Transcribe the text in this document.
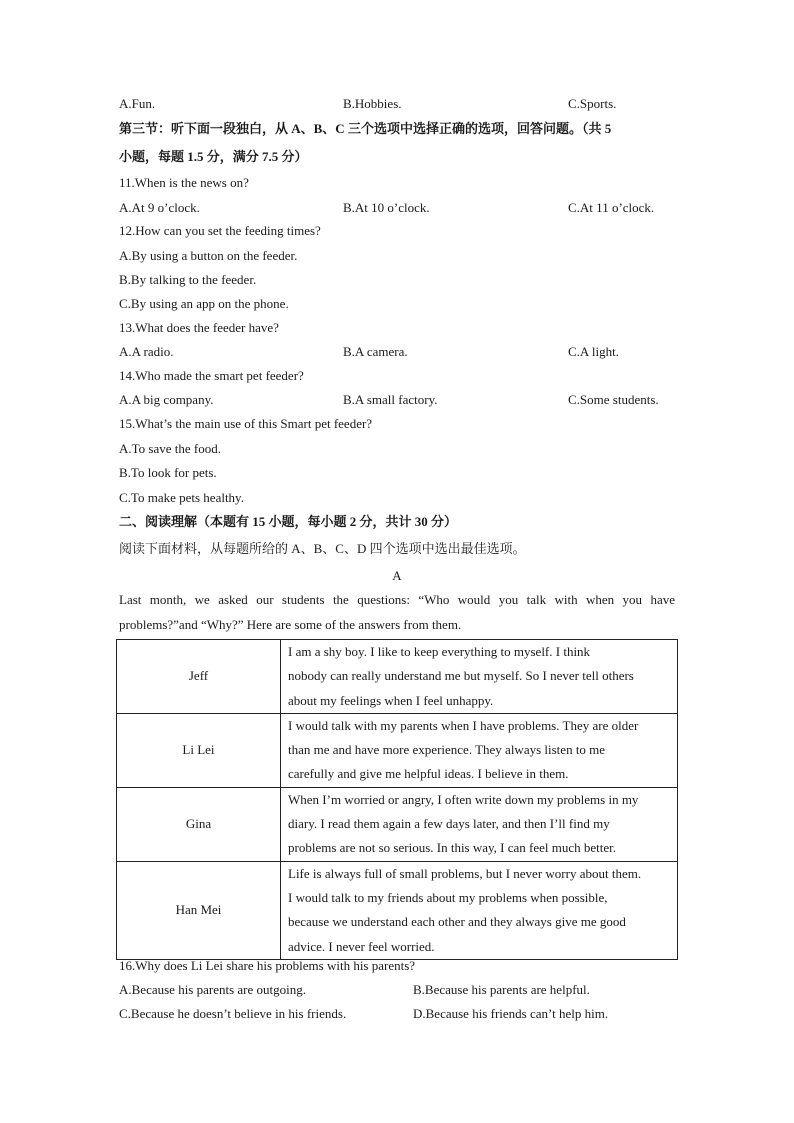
A.Fun.	B.Hobbies.	C.Sports.
第三节：听下面一段独白，从 A、B、C 三个选项中选择正确的选项，回答问题。（共 5
小题，每题 1.5 分，满分 7.5 分）
11.When is the news on?
A.At 9 o’clock.	B.At 10 o’clock.	C.At 11 o’clock.
12.How can you set the feeding times?
A.By using a button on the feeder.
B.By talking to the feeder.
C.By using an app on the phone.
13.What does the feeder have?
A.A radio.	B.A camera.	C.A light.
14.Who made the smart pet feeder?
A.A big company.	B.A small factory.	C.Some students.
15.What’s the main use of this Smart pet feeder?
A.To save the food.
B.To look for pets.
C.To make pets healthy.
二、阅读理解（本题有 15 小题，每小题 2 分，共计 30 分）
阅读下面材料，从每题所给的 A、B、C、D 四个选项中选出最佳选项。
A
Last month, we asked our students the questions: “Who would you talk with when you have
problems?”and “Why?” Here are some of the answers from them.
Jeff	I am a shy boy. I like to keep everything to myself. I think
nobody can really understand me but myself. So I never tell others
about my feelings when I feel unhappy.

Li Lei	I would talk with my parents when I have problems. They are older
than me and have more experience. They always listen to me
carefully and give me helpful ideas. I believe in them.

Gina	When I’m worried or angry, I often write down my problems in my
diary. I read them again a few days later, and then I’ll find my
problems are not so serious. In this way, I can feel much better.

Han Mei	Life is always full of small problems, but I never worry about them.
I would talk to my friends about my problems when possible,
because we understand each other and they always give me good
advice. I never feel worried.
16.Why does Li Lei share his problems with his parents?
A.Because his parents are outgoing.	B.Because his parents are helpful.
C.Because he doesn’t believe in his friends.	D.Because his friends can’t help him.
